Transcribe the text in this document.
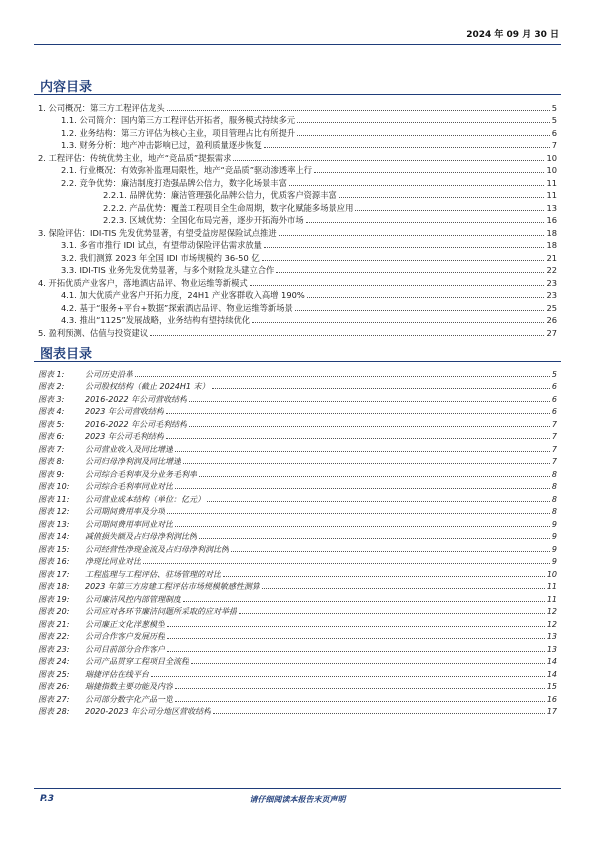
2024 年 09 月 30 日
内容目录
1. 公司概况：第三方工程评估龙头	5
1.1. 公司简介：国内第三方工程评估开拓者，服务模式持续多元	5
1.2. 业务结构：第三方评估为核心主业，项目管理占比有所提升	6
1.3. 财务分析：地产冲击影响已过，盈利质量逐步恢复	7
2. 工程评估：传统优势主业，地产“竞品质”提振需求	10
2.1. 行业概况：有效弥补监理局限性，地产“竞品质”驱动渗透率上行	10
2.2. 竞争优势：廉洁制度打造强品牌公信力，数字化场景丰富	11
2.2.1. 品牌优势：廉洁管理强化品牌公信力，优质客户资源丰富	11
2.2.2. 产品优势：覆盖工程项目全生命周期，数字化赋能多场景应用	13
2.2.3. 区域优势：全国化布局完善，逐步开拓海外市场	16
3. 保险评估：IDI-TIS 先发优势显著，有望受益房屋保险试点推进	18
3.1. 多省市推行 IDI 试点，有望带动保险评估需求放量	18
3.2. 我们测算 2023 年全国 IDI 市场规模约 36-50 亿	21
3.3. IDI-TIS 业务先发优势显著，与多个财险龙头建立合作	22
4. 开拓优质产业客户，落地酒店品评、物业运维等新模式	23
4.1. 加大优质产业客户开拓力度，24H1 产业客群收入高增 190%	23
4.2. 基于“服务+平台+数据”探索酒店品评、物业运维等新场景	25
4.3. 推出“1125”发展战略，业务结构有望持续优化	26
5. 盈利预测、估值与投资建议	27
图表目录
图表 1:	公司历史沿革	5
图表 2:	公司股权结构（截止 2024H1 末）	6
图表 3:	2016-2022 年公司营收结构	6
图表 4:	2023 年公司营收结构	6
图表 5:	2016-2022 年公司毛利结构	7
图表 6:	2023 年公司毛利结构	7
图表 7:	公司营业收入及同比增速	7
图表 8:	公司归母净利润及同比增速	7
图表 9:	公司综合毛利率及分业务毛利率	8
图表 10: 公司综合毛利率同业对比	8
图表 11: 公司营业成本结构（单位：亿元）	8
图表 12: 公司期间费用率及分项	8
图表 13: 公司期间费用率同业对比	9
图表 14: 减值损失额及占归母净利润比例	9
图表 15: 公司经营性净现金流及占归母净利润比例	9
图表 16: 净现比同业对比	9
图表 17: 工程监理与工程评估、驻场管理的对比	10
图表 18: 2023 年第三方房建工程评估市场规模敏感性测算	11
图表 19: 公司廉洁风控内部管理制度	11
图表 20: 公司应对各环节廉洁问题所采取的应对举措	12
图表 21: 公司廉正文化洋葱模型	12
图表 22: 公司合作客户发展历程	13
图表 23: 公司目前部分合作客户	13
图表 24: 公司产品贯穿工程项目全流程	14
图表 25: 瑞捷评估在线平台	14
图表 26: 瑞捷指数主要功能及内容	15
图表 27: 公司部分数字化产品一览	16
图表 28: 2020-2023 年公司分地区营收结构	17
P.3	请仔细阅读本报告末页声明
